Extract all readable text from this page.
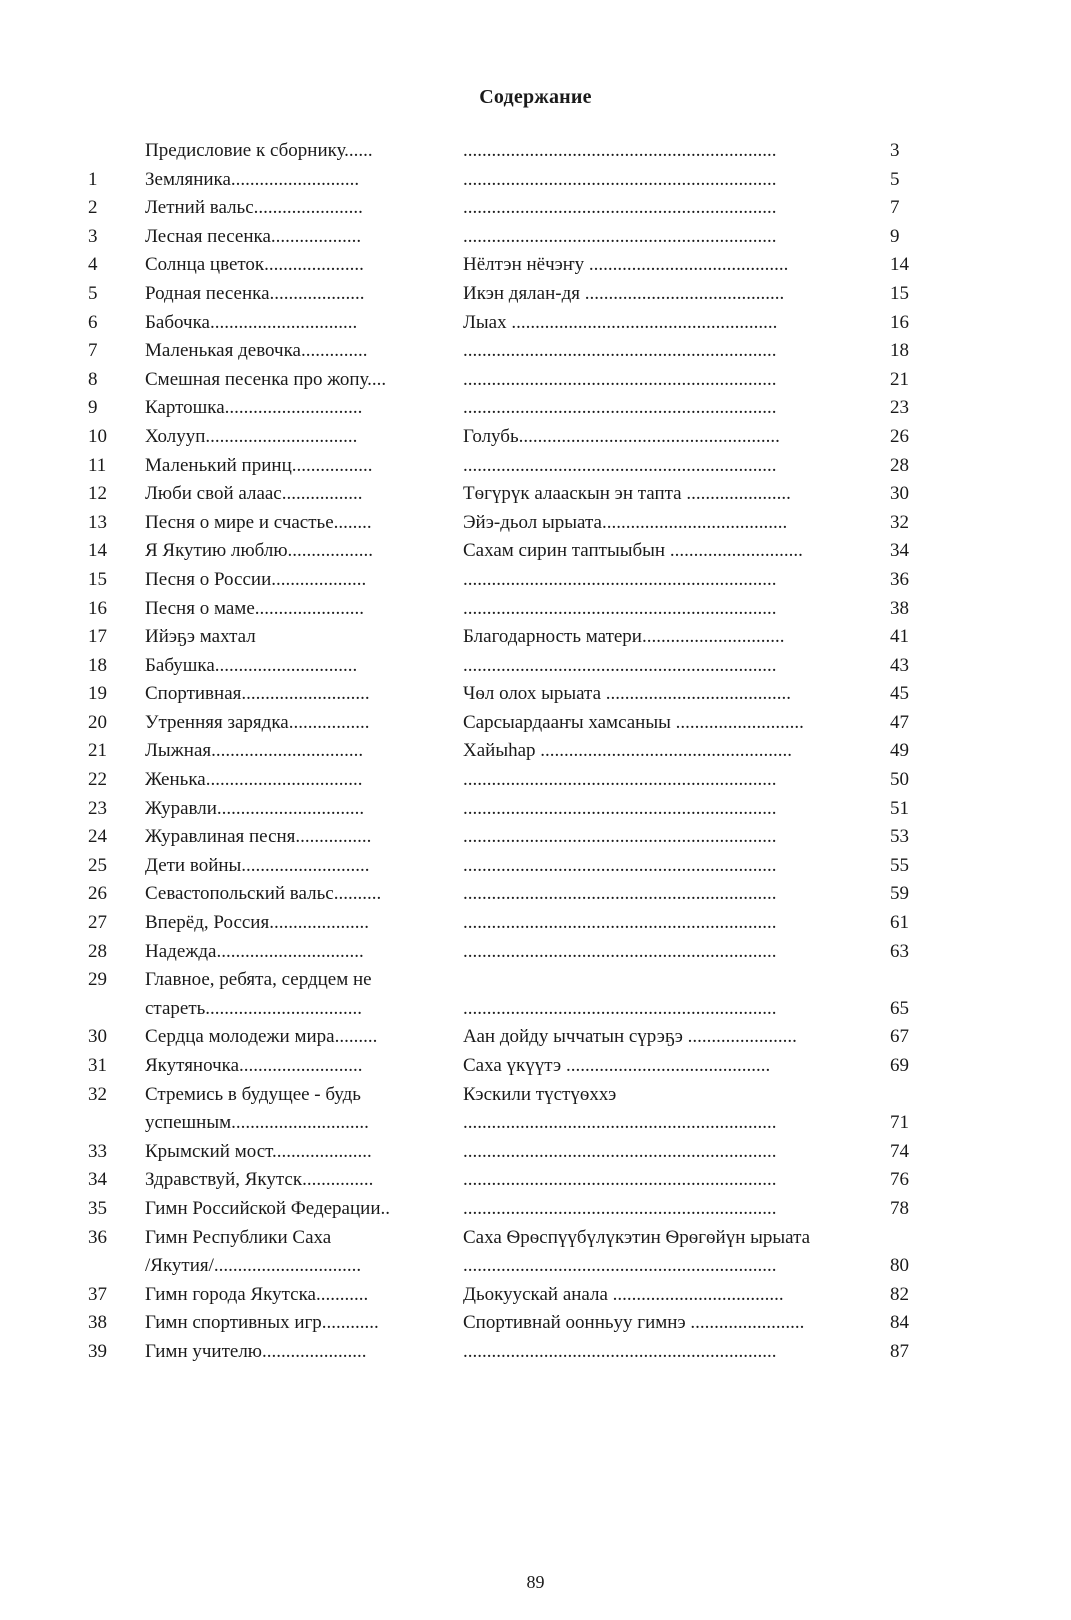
Содержание
Предисловие к сборнику......	..................................................................	3
1	Земляника...........................	..................................................................	5
2	Летний вальс.......................	..................................................................	7
3	Лесная песенка...................	..................................................................	9
4	Солнца цветок.....................	Нёлтэн нёчэҥу ..........................................	14
5	Родная песенка....................	Икэн дялан-дя ..........................................	15
6	Бабочка...............................	Лыах ........................................................	16
7	Маленькая девочка..............	..................................................................	18
8	Смешная песенка про жопу....	..................................................................	21
9	Картошка.............................	..................................................................	23
10	Холууп................................	Голубь.......................................................	26
11	Маленький принц.................	..................................................................	28
12	Люби свой алаас.................	Тѳгүрүк алааскын эн тапта ......................	30
13	Песня о мире и счастье........	Эйэ-дьол ырыата.......................................	32
14	Я Якутию люблю..................	Сахам сирин таптыыбын ............................	34
15	Песня о России....................	..................................................................	36
16	Песня о маме.......................	..................................................................	38
17	Ийэҕэ махтал	Благодарность матери..............................	41
18	Бабушка..............................	..................................................................	43
19	Спортивная...........................	Чѳл олох ырыата .......................................	45
20	Утренняя зарядка.................	Сарсыардааҥы хамсаныы ...........................	47
21	Лыжная................................	Хайыһар .....................................................	49
22	Женька.................................	..................................................................	50
23	Журавли...............................	..................................................................	51
24	Журавлиная песня................	..................................................................	53
25	Дети войны...........................	..................................................................	55
26	Севастопольский вальс..........	..................................................................	59
27	Вперёд, Россия.....................	..................................................................	61
28	Надежда...............................	..................................................................	63
29	Главное, ребята, сердцем не
стареть.................................	..................................................................	65
30	Сердца молодежи мира.........	Аан дойду ыччатын сүрэҕэ .......................	67
31	Якутяночка..........................	Саха үкүүтэ ...........................................	69
32	Стремись в будущее - будь	Кэскили түстүѳххэ
успешным.............................	..................................................................	71
33	Крымский мост.....................	..................................................................	74
34	Здравствуй, Якутск...............	..................................................................	76
35	Гимн Российской Федерации..	..................................................................	78
36	Гимн Республики Саха	Саха Ѳрѳспүүбүлүкэтин Ѳрѳгѳйүн ырыата
/Якутия/...............................	..................................................................	80
37	Гимн города Якутска...........	Дьокуускай анала ....................................	82
38	Гимн спортивных игр............	Спортивнай оонньуу гимнэ ........................	84
39	Гимн учителю......................	..................................................................	87
89
